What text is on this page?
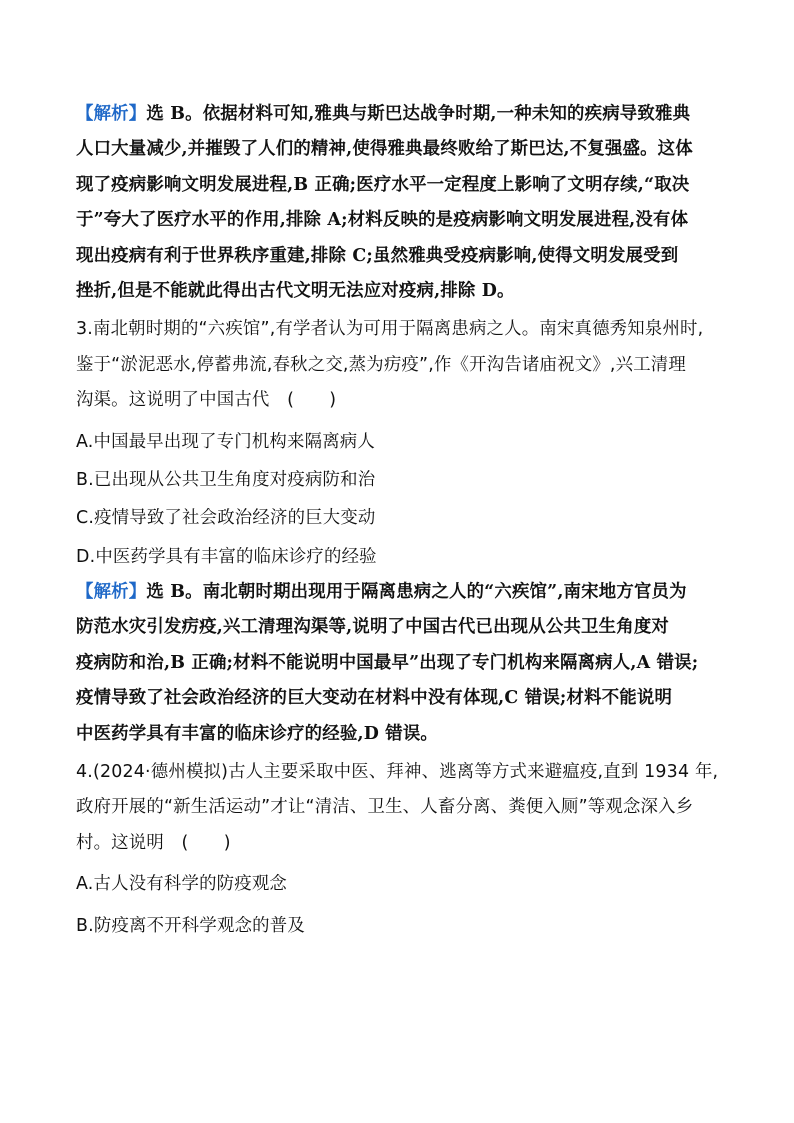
【解析】选 B。依据材料可知,雅典与斯巴达战争时期,一种未知的疾病导致雅典
人口大量减少,并摧毁了人们的精神,使得雅典最终败给了斯巴达,不复强盛。这体
现了疫病影响文明发展进程,B 正确;医疗水平一定程度上影响了文明存续,“取决
于”夸大了医疗水平的作用,排除 A;材料反映的是疫病影响文明发展进程,没有体
现出疫病有利于世界秩序重建,排除 C;虽然雅典受疫病影响,使得文明发展受到
挫折,但是不能就此得出古代文明无法应对疫病,排除 D。
3.南北朝时期的“六疾馆”,有学者认为可用于隔离患病之人。南宋真德秀知泉州时,
鉴于“淤泥恶水,停蓄弗流,春秋之交,蒸为疠疫”,作《开沟告诸庙祝文》,兴工清理
沟渠。这说明了中国古代　(　　)
A.中国最早出现了专门机构来隔离病人
B.已出现从公共卫生角度对疫病防和治
C.疫情导致了社会政治经济的巨大变动
D.中医药学具有丰富的临床诊疗的经验
【解析】选 B。南北朝时期出现用于隔离患病之人的“六疾馆”,南宋地方官员为
防范水灾引发疠疫,兴工清理沟渠等,说明了中国古代已出现从公共卫生角度对
疫病防和治,B 正确;材料不能说明中国最早”出现了专门机构来隔离病人,A 错误;
疫情导致了社会政治经济的巨大变动在材料中没有体现,C 错误;材料不能说明
中医药学具有丰富的临床诊疗的经验,D 错误。
4.(2024·德州模拟)古人主要采取中医、拜神、逃离等方式来避瘟疫,直到 1934 年,
政府开展的“新生活运动”才让“清洁、卫生、人畜分离、粪便入厕”等观念深入乡
村。这说明　(　　)
A.古人没有科学的防疫观念
B.防疫离不开科学观念的普及
